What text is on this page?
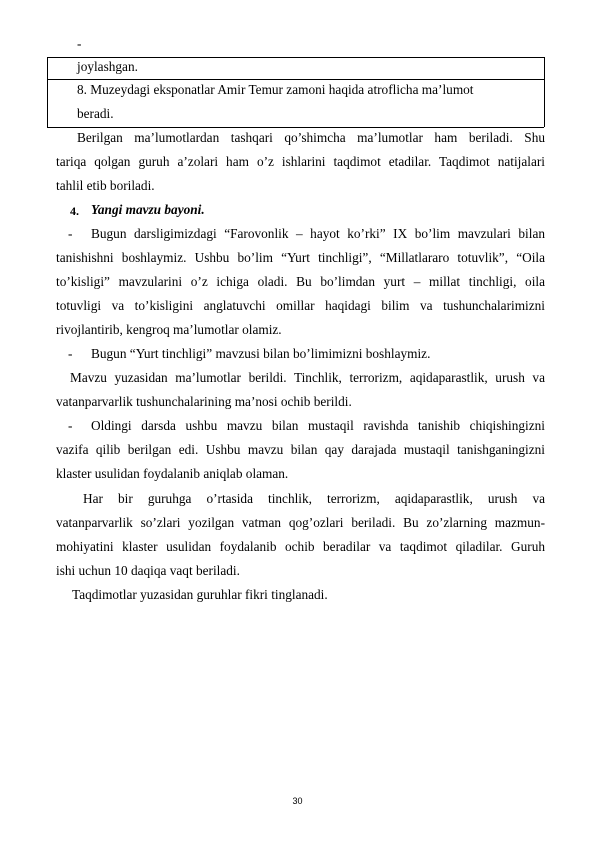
-
joylashgan.
8. Muzeydagi eksponatlar Amir Temur zamoni haqida atroflicha ma’lumot
beradi.
Berilgan ma’lumotlardan tashqari qo’shimcha ma’lumotlar ham beriladi. Shu
tariqa qolgan guruh a’zolari ham o’z ishlarini taqdimot etadilar. Taqdimot natijalari
tahlil etib boriladi.
4. Yangi mavzu bayoni.
- Bugun darsligimizdagi “Farovonlik – hayot ko’rki” IX bo’lim mavzulari bilan
tanishishni boshlaymiz. Ushbu bo’lim “Yurt tinchligi”, “Millatlararo totuvlik”, “Oila
to’kisligi” mavzularini o’z ichiga oladi. Bu bo’limdan yurt – millat tinchligi, oila
totuvligi va to’kisligini anglatuvchi omillar haqidagi bilim va tushunchalarimizni
rivojlantirib, kengroq ma’lumotlar olamiz.
- Bugun “Yurt tinchligi” mavzusi bilan bo’limimizni boshlaymiz.
Mavzu yuzasidan ma’lumotlar berildi. Tinchlik, terrorizm, aqidaparastlik, urush va
vatanparvarlik tushunchalarining ma’nosi ochib berildi.
- Oldingi darsda ushbu mavzu bilan mustaqil ravishda tanishib chiqishingizni
vazifa qilib berilgan edi. Ushbu mavzu bilan qay darajada mustaqil tanishganingizni
klaster usulidan foydalanib aniqlab olaman.
Har bir guruhga o’rtasida tinchlik, terrorizm, aqidaparastlik, urush va
vatanparvarlik so’zlari yozilgan vatman qog’ozlari beriladi. Bu zo’zlarning mazmun-
mohiyatini klaster usulidan foydalanib ochib beradilar va taqdimot qiladilar. Guruh
ishi uchun 10 daqiqa vaqt beriladi.
Taqdimotlar yuzasidan guruhlar fikri tinglanadi.
30
